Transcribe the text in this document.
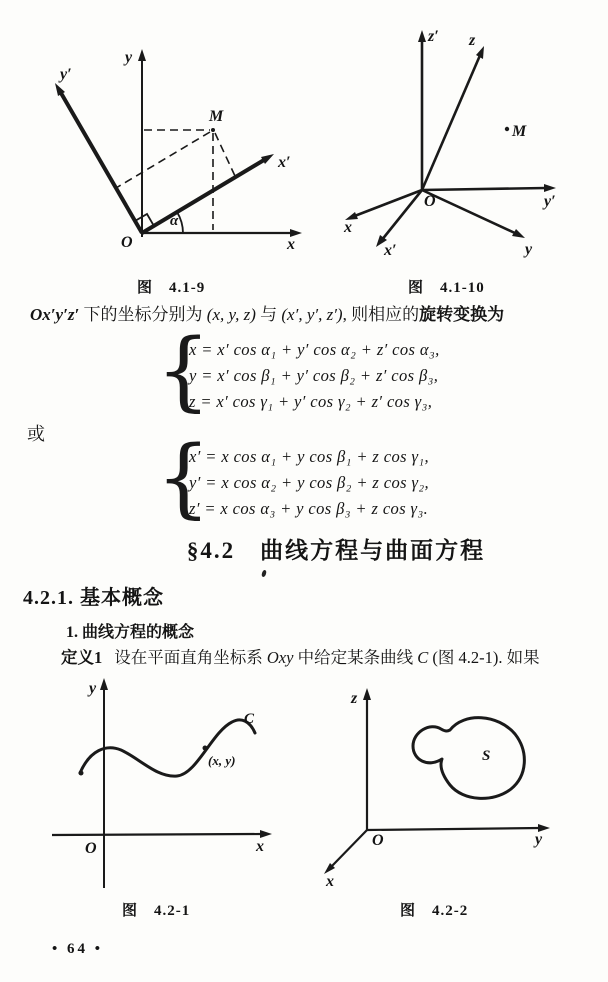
y
y′
x
x′
M
α
O
z′ z
y′
y
x
x′
M
O
图　4.1-9	图　4.1-10
Ox′y′z′ 下的坐标分别为 (x, y, z) 与 (x′, y′, z′), 则相应的旋转变换为
{
x = x′ cos α₁ + y′ cos α₂ + z′ cos α₃,
y = x′ cos β₁ + y′ cos β₂ + z′ cos β₃,
z = x′ cos γ₁ + y′ cos γ₂ + z′ cos γ₃,
或 {
x′ = x cos α₁ + y cos β₁ + z cos γ₁,
y′ = x cos α₂ + y cos β₂ + z cos γ₂,
z′ = x cos α₃ + y cos β₃ + z cos γ₃.
§4.2　曲线方程与曲面方程
4.2.1. 基本概念
1. 曲线方程的概念
定义1 设在平面直角坐标系 Oxy 中给定某条曲线 C (图 4.2-1). 如果
y
x
O
C
(x, y)
z
y
x
O
S
图　4.2-1	图　4.2-2
• 64 •
